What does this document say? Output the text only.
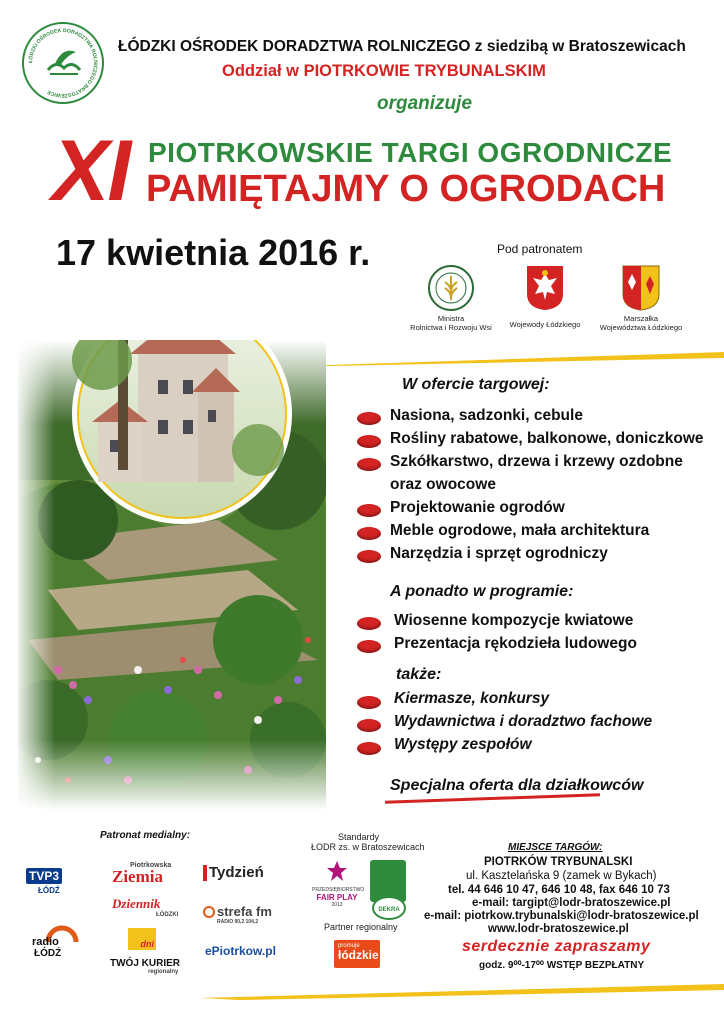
ŁÓDZKI OŚRODEK DORADZTWA ROLNICZEGO BRATOSZEWICE
ŁÓDZKI OŚRODEK DORADZTWA ROLNICZEGO z siedzibą w Bratoszewicach
Oddział w PIOTRKOWIE TRYBUNALSKIM
organizuje
XI PIOTRKOWSKIE TARGI OGRODNICZE
PAMIĘTAJMY O OGRODACH
17 kwietnia 2016 r.	Pod patronatem
Ministra
Rolnictwa i Rozwoju Wsi	Wojewody Łódzkiego
Marszałka
Województwa Łódzkiego
W ofercie targowej:
Nasiona, sadzonki, cebule
Rośliny rabatowe, balkonowe, doniczkowe
Szkółkarstwo, drzewa i krzewy ozdobne
oraz owocowe
Projektowanie ogrodów
Meble ogrodowe, mała architektura
Narzędzia i sprzęt ogrodniczy
A ponadto w programie:
Wiosenne kompozycje kwiatowe
Prezentacja rękodzieła ludowego
także:
Kiermasze, konkursy
Wydawnictwa i doradztwo fachowe
Występy zespołów
Specjalna oferta dla działkowców
Patronat medialny:
TVP3
ŁÓDŹ
Piotrkowska
Ziemia
Dziennik
ŁÓDZKI
Tydzień
strefa fm
RADIO 90,2 104,2
radio
ŁÓDŹ
dni
TWÓJ KURIER
regionalny
ePiotrkow.pl
Standardy
ŁODR zs. w Bratoszewicach
PRZEDSIĘBIORSTWO
FAIR PLAY
2013
DEKRA
Partner regionalny
promuje
łódzkie
MIEJSCE TARGÓW:
PIOTRKÓW TRYBUNALSKI
ul. Kasztelańska 9 (zamek w Bykach)
tel. 44 646 10 47, 646 10 48, fax 646 10 73
e-mail: targipt@lodr-bratoszewice.pl
e-mail: piotrkow.trybunalski@lodr-bratoszewice.pl
www.lodr-bratoszewice.pl
serdecznie zapraszamy
godz. 9⁰⁰-17⁰⁰ WSTĘP BEZPŁATNY
